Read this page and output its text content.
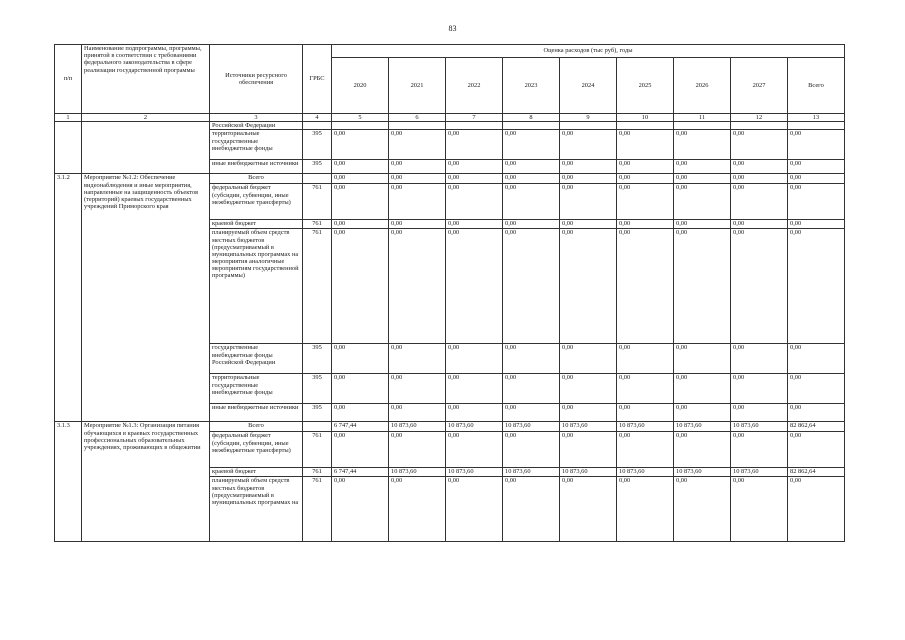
83
п/п	Наименование подпрограммы, программы, принятой в соответствии с требованиями федерального законодательства в сфере реализации государственной программы	Источники ресурсного обеспечения	ГРБС	Оценка расходов (тыс руб), годы								
				2020	2021	2022	2023	2024	2025	2026	2027	Всего
1	2	3	4	5	6	7	8	9	10	11	12	13
		Российской Федерации										
		территориальные государственные внебюджетные фонды	395	0,00	0,00	0,00	0,00	0,00	0,00	0,00	0,00	0,00
		иные внебюджетные источники	395	0,00	0,00	0,00	0,00	0,00	0,00	0,00	0,00	0,00
3.1.2	Мероприятие №1.2: Обеспечение видеонаблюдения и иные мероприятия, направленные на защищенность объектов (территорий) краевых государственных учреждений Приморского края	Всего		0,00	0,00	0,00	0,00	0,00	0,00	0,00	0,00	0,00
		федеральный бюджет (субсидии, субвенции, иные межбюджетные трансферты)	761	0,00	0,00	0,00	0,00	0,00	0,00	0,00	0,00	0,00
		краевой бюджет	761	0,00	0,00	0,00	0,00	0,00	0,00	0,00	0,00	0,00
		планируемый объем средств местных бюджетов (предусматриваемый в муниципальных программах на мероприятия аналогичные мероприятиям государственной программы)	761	0,00	0,00	0,00	0,00	0,00	0,00	0,00	0,00	0,00
		государственные внебюджетные фонды Российской Федерации	395	0,00	0,00	0,00	0,00	0,00	0,00	0,00	0,00	0,00
		территориальные государственные внебюджетные фонды	395	0,00	0,00	0,00	0,00	0,00	0,00	0,00	0,00	0,00
		иные внебюджетные источники	395	0,00	0,00	0,00	0,00	0,00	0,00	0,00	0,00	0,00
3.1.3	Мероприятие №1.3: Организация питания обучающихся в краевых государственных профессиональных образовательных учреждениях, проживающих в общежитии	Всего		6 747,44	10 873,60	10 873,60	10 873,60	10 873,60	10 873,60	10 873,60	10 873,60	82 862,64
		федеральный бюджет (субсидии, субвенции, иные межбюджетные трансферты)	761	0,00	0,00	0,00	0,00	0,00	0,00	0,00	0,00	0,00
		краевой бюджет	761	6 747,44	10 873,60	10 873,60	10 873,60	10 873,60	10 873,60	10 873,60	10 873,60	82 862,64
		планируемый объем средств местных бюджетов (предусматриваемый в муниципальных программах на	761	0,00	0,00	0,00	0,00	0,00	0,00	0,00	0,00	0,00
